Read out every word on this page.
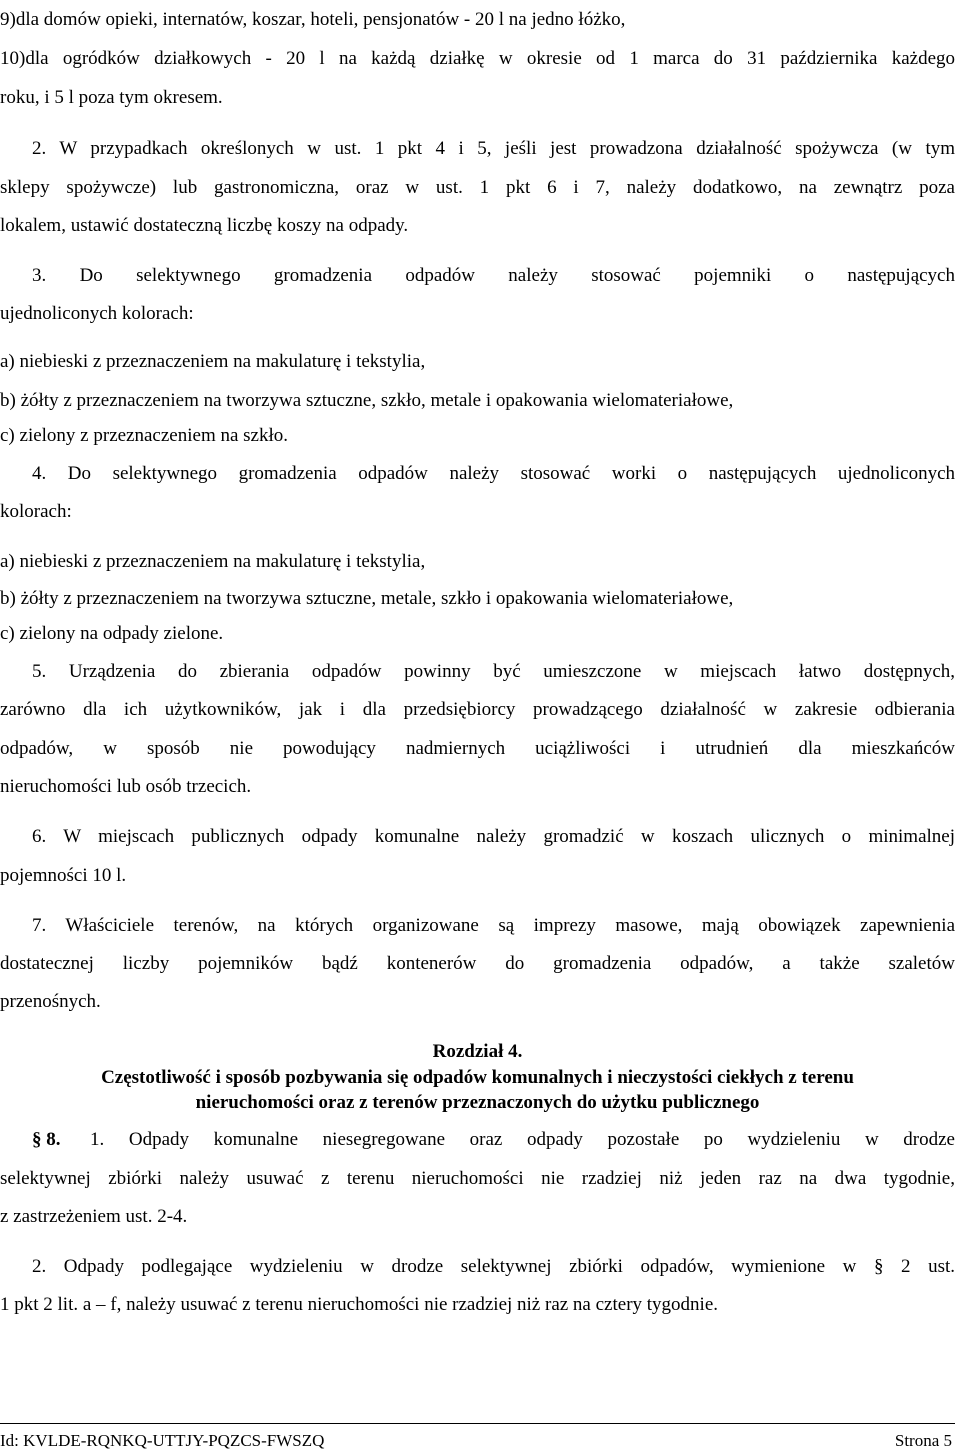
9)dla domów opieki, internatów, koszar, hoteli, pensjonatów - 20 l na jedno łóżko,
10)dla ogródków działkowych - 20 l na każdą działkę w okresie od 1 marca do 31 października każdego
roku, i 5 l poza tym okresem.
2. W przypadkach określonych w ust. 1 pkt 4 i 5, jeśli jest prowadzona działalność spożywcza (w tym
sklepy spożywcze) lub gastronomiczna, oraz w ust. 1 pkt 6 i 7, należy dodatkowo, na zewnątrz poza
lokalem, ustawić dostateczną liczbę koszy na odpady.
3. Do selektywnego gromadzenia odpadów należy stosować pojemniki o następujących
ujednoliconych kolorach:
a) niebieski z przeznaczeniem na makulaturę i tekstylia,
b) żółty z przeznaczeniem na tworzywa sztuczne, szkło, metale i opakowania wielomateriałowe,
c) zielony z przeznaczeniem na szkło.
4. Do selektywnego gromadzenia odpadów należy stosować worki o następujących ujednoliconych
kolorach:
a) niebieski z przeznaczeniem na makulaturę i tekstylia,
b) żółty z przeznaczeniem na tworzywa sztuczne, metale, szkło i opakowania wielomateriałowe,
c) zielony na odpady zielone.
5. Urządzenia do zbierania odpadów powinny być umieszczone w miejscach łatwo dostępnych,
zarówno dla ich użytkowników, jak i dla przedsiębiorcy prowadzącego działalność w zakresie odbierania
odpadów, w sposób nie powodujący nadmiernych uciążliwości i utrudnień dla mieszkańców
nieruchomości lub osób trzecich.
6. W miejscach publicznych odpady komunalne należy gromadzić w koszach ulicznych o minimalnej
pojemności 10 l.
7. Właściciele terenów, na których organizowane są imprezy masowe, mają obowiązek zapewnienia
dostatecznej liczby pojemników bądź kontenerów do gromadzenia odpadów, a także szaletów
przenośnych.
Rozdział 4.
Częstotliwość i sposób pozbywania się odpadów komunalnych i nieczystości ciekłych z terenu
nieruchomości oraz z terenów przeznaczonych do użytku publicznego
§ 8.	1. Odpady komunalne niesegregowane oraz odpady pozostałe po wydzieleniu w drodze
selektywnej zbiórki należy usuwać z terenu nieruchomości nie rzadziej niż jeden raz na dwa tygodnie,
z zastrzeżeniem ust. 2-4.
2. Odpady podlegające wydzieleniu w drodze selektywnej zbiórki odpadów, wymienione w § 2 ust.
1 pkt 2 lit. a – f, należy usuwać z terenu nieruchomości nie rzadziej niż raz na cztery tygodnie.
Id: KVLDE-RQNKQ-UTTJY-PQZCS-FWSZQ	Strona 5
